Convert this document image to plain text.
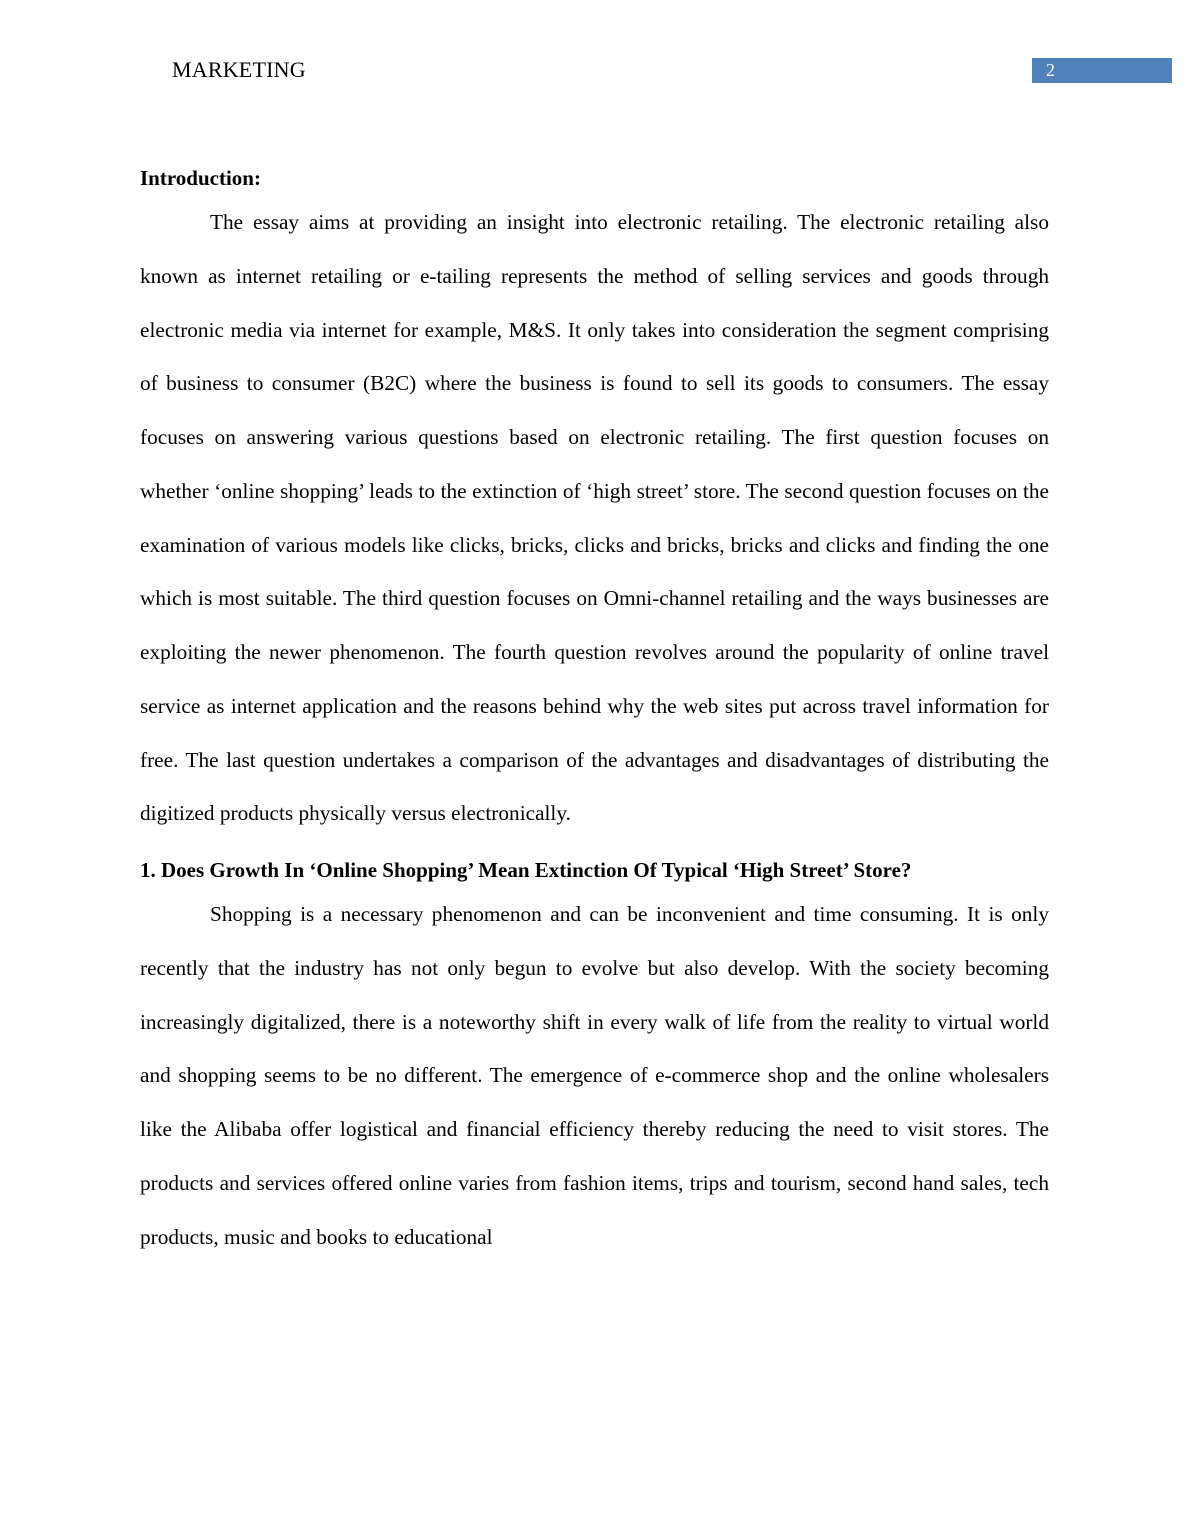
MARKETING	2
Introduction:

The essay aims at providing an insight into electronic retailing. The electronic retailing also known as internet retailing or e-tailing represents the method of selling services and goods through electronic media via internet for example, M&S. It only takes into consideration the segment comprising of business to consumer (B2C) where the business is found to sell its goods to consumers. The essay focuses on answering various questions based on electronic retailing. The first question focuses on whether ‘online shopping’ leads to the extinction of ‘high street’ store. The second question focuses on the examination of various models like clicks, bricks, clicks and bricks, bricks and clicks and finding the one which is most suitable. The third question focuses on Omni-channel retailing and the ways businesses are exploiting the newer phenomenon. The fourth question revolves around the popularity of online travel service as internet application and the reasons behind why the web sites put across travel information for free. The last question undertakes a comparison of the advantages and disadvantages of distributing the digitized products physically versus electronically.

1. Does Growth In ‘Online Shopping’ Mean Extinction Of Typical ‘High Street’ Store?

Shopping is a necessary phenomenon and can be inconvenient and time consuming. It is only recently that the industry has not only begun to evolve but also develop. With the society becoming increasingly digitalized, there is a noteworthy shift in every walk of life from the reality to virtual world and shopping seems to be no different. The emergence of e-commerce shop and the online wholesalers like the Alibaba offer logistical and financial efficiency thereby reducing the need to visit stores. The products and services offered online varies from fashion items, trips and tourism, second hand sales, tech products, music and books to educational
